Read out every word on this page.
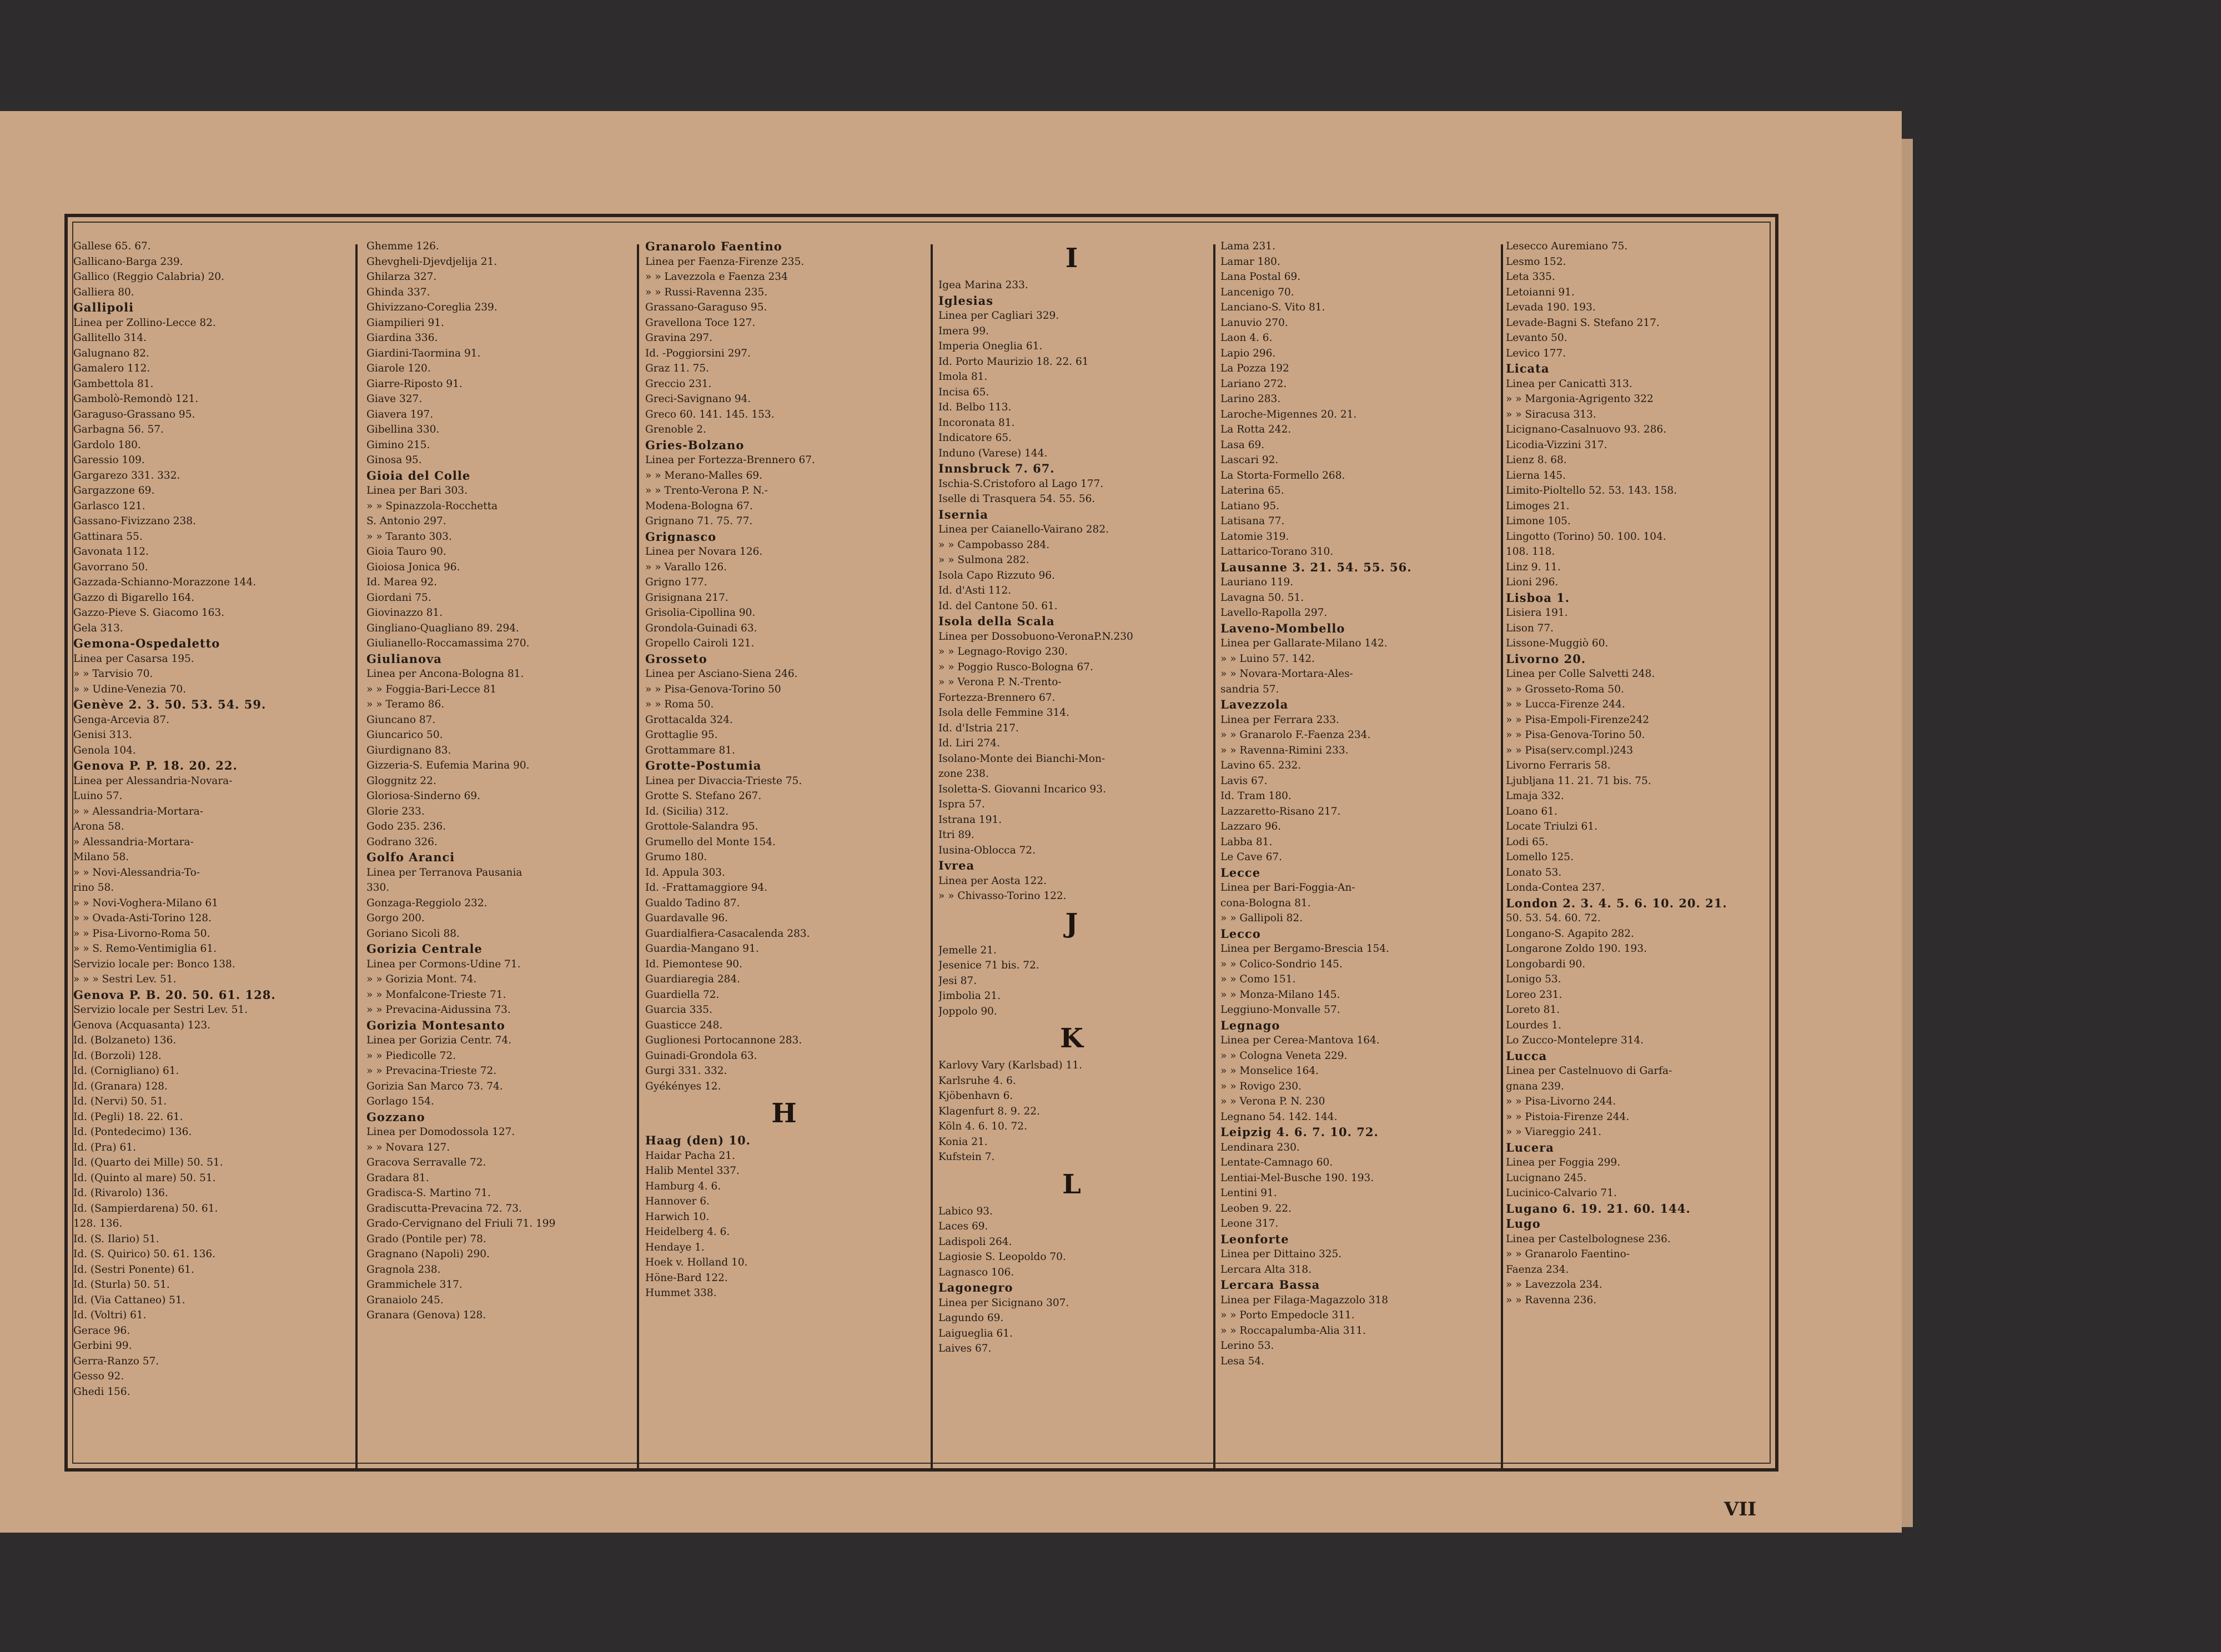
Gallese 65. 67.
Gallicano-Barga 239.
Gallico (Reggio Calabria) 20.
Galliera 80.
Gallipoli
Linea per Zollino-Lecce 82.
Gallitello 314.
Galugnano 82.
Gamalero 112.
Gambettola 81.
Gambolò-Remondò 121.
Garaguso-Grassano 95.
Garbagna 56. 57.
Gardolo 180.
Garessio 109.
Gargarezo 331. 332.
Gargazzone 69.
Garlasco 121.
Gassano-Fivizzano 238.
Gattinara 55.
Gavonata 112.
Gavorrano 50.
Gazzada-Schianno-Morazzone 144.
Gazzo di Bigarello 164.
Gazzo-Pieve S. Giacomo 163.
Gela 313.
Gemona-Ospedaletto
Linea per Casarsa 195.
» » Tarvisio 70.
» » Udine-Venezia 70.
Genève 2. 3. 50. 53. 54. 59.
Genga-Arcevia 87.
Genisi 313.
Genola 104.
Genova P. P. 18. 20. 22.
Linea per Alessandria-Novara-
Luino 57.
» » Alessandria-Mortara-
Arona 58.
» Alessandria-Mortara-
Milano 58.
» » Novi-Alessandria-To-
rino 58.
» » Novi-Voghera-Milano 61
» » Ovada-Asti-Torino 128.
» » Pisa-Livorno-Roma 50.
» » S. Remo-Ventimiglia 61.
Servizio locale per: Bonco 138.
» » » Sestri Lev. 51.
Genova P. B. 20. 50. 61. 128.
Servizio locale per Sestri Lev. 51.
Genova (Acquasanta) 123.
Id. (Bolzaneto) 136.
Id. (Borzoli) 128.
Id. (Cornigliano) 61.
Id. (Granara) 128.
Id. (Nervi) 50. 51.
Id. (Pegli) 18. 22. 61.
Id. (Pontedecimo) 136.
Id. (Pra) 61.
Id. (Quarto dei Mille) 50. 51.
Id. (Quinto al mare) 50. 51.
Id. (Rivarolo) 136.
Id. (Sampierdarena) 50. 61.
128. 136.
Id. (S. Ilario) 51.
Id. (S. Quirico) 50. 61. 136.
Id. (Sestri Ponente) 61.
Id. (Sturla) 50. 51.
Id. (Via Cattaneo) 51.
Id. (Voltri) 61.
Gerace 96.
Gerbini 99.
Gerra-Ranzo 57.
Gesso 92.
Ghedi 156.
Ghemme 126.
Ghevgheli-Djevdjelija 21.
Ghilarza 327.
Ghinda 337.
Ghivizzano-Coreglia 239.
Giampilieri 91.
Giardina 336.
Giardini-Taormina 91.
Giarole 120.
Giarre-Riposto 91.
Giave 327.
Giavera 197.
Gibellina 330.
Gimino 215.
Ginosa 95.
Gioia del Colle
Linea per Bari 303.
» » Spinazzola-Rocchetta
S. Antonio 297.
» » Taranto 303.
Gioia Tauro 90.
Gioiosa Jonica 96.
Id. Marea 92.
Giordani 75.
Giovinazzo 81.
Gingliano-Quagliano 89. 294.
Giulianello-Roccamassima 270.
Giulianova
Linea per Ancona-Bologna 81.
» » Foggia-Bari-Lecce 81
» » Teramo 86.
Giuncano 87.
Giuncarico 50.
Giurdignano 83.
Gizzeria-S. Eufemia Marina 90.
Gloggnitz 22.
Gloriosa-Sinderno 69.
Glorie 233.
Godo 235. 236.
Godrano 326.
Golfo Aranci
Linea per Terranova Pausania
330.
Gonzaga-Reggiolo 232.
Gorgo 200.
Goriano Sicoli 88.
Gorizia Centrale
Linea per Cormons-Udine 71.
» » Gorizia Mont. 74.
» » Monfalcone-Trieste 71.
» » Prevacina-Aidussina 73.
Gorizia Montesanto
Linea per Gorizia Centr. 74.
» » Piedicolle 72.
» » Prevacina-Trieste 72.
Gorizia San Marco 73. 74.
Gorlago 154.
Gozzano
Linea per Domodossola 127.
» » Novara 127.
Gracova Serravalle 72.
Gradara 81.
Gradisca-S. Martino 71.
Gradiscutta-Prevacina 72. 73.
Grado-Cervignano del Friuli 71. 199
Grado (Pontile per) 78.
Gragnano (Napoli) 290.
Gragnola 238.
Grammichele 317.
Granaiolo 245.
Granara (Genova) 128.
Granarolo Faentino
Linea per Faenza-Firenze 235.
» » Lavezzola e Faenza 234
» » Russi-Ravenna 235.
Grassano-Garaguso 95.
Gravellona Toce 127.
Gravina 297.
Id. -Poggiorsini 297.
Graz 11. 75.
Greccio 231.
Greci-Savignano 94.
Greco 60. 141. 145. 153.
Grenoble 2.
Gries-Bolzano
Linea per Fortezza-Brennero 67.
» » Merano-Malles 69.
» » Trento-Verona P. N.-
Modena-Bologna 67.
Grignano 71. 75. 77.
Grignasco
Linea per Novara 126.
» » Varallo 126.
Grigno 177.
Grisignana 217.
Grisolia-Cipollina 90.
Grondola-Guinadi 63.
Gropello Cairoli 121.
Grosseto
Linea per Asciano-Siena 246.
» » Pisa-Genova-Torino 50
» » Roma 50.
Grottacalda 324.
Grottaglie 95.
Grottammare 81.
Grotte-Postumia
Linea per Divaccia-Trieste 75.
Grotte S. Stefano 267.
Id. (Sicilia) 312.
Grottole-Salandra 95.
Grumello del Monte 154.
Grumo 180.
Id. Appula 303.
Id. -Frattamaggiore 94.
Gualdo Tadino 87.
Guardavalle 96.
Guardialfiera-Casacalenda 283.
Guardia-Mangano 91.
Id. Piemontese 90.
Guardiaregia 284.
Guardiella 72.
Guarcia 335.
Guasticce 248.
Guglionesi Portocannone 283.
Guinadi-Grondola 63.
Gurgi 331. 332.
Gyékényes 12.
H
Haag (den) 10.
Haidar Pacha 21.
Halib Mentel 337.
Hamburg 4. 6.
Hannover 6.
Harwich 10.
Heidelberg 4. 6.
Hendaye 1.
Hoek v. Holland 10.
Höne-Bard 122.
Hummet 338.
I
Igea Marina 233.
Iglesias
Linea per Cagliari 329.
Imera 99.
Imperia Oneglia 61.
Id. Porto Maurizio 18. 22. 61
Imola 81.
Incisa 65.
Id. Belbo 113.
Incoronata 81.
Indicatore 65.
Induno (Varese) 144.
Innsbruck 7. 67.
Ischia-S.Cristoforo al Lago 177.
Iselle di Trasquera 54. 55. 56.
Isernia
Linea per Caianello-Vairano 282.
» » Campobasso 284.
» » Sulmona 282.
Isola Capo Rizzuto 96.
Id. d'Asti 112.
Id. del Cantone 50. 61.
Isola della Scala
Linea per Dossobuono-VeronaP.N.230
» » Legnago-Rovigo 230.
» » Poggio Rusco-Bologna 67.
» » Verona P. N.-Trento-
Fortezza-Brennero 67.
Isola delle Femmine 314.
Id. d'Istria 217.
Id. Liri 274.
Isolano-Monte dei Bianchi-Mon-
zone 238.
Isoletta-S. Giovanni Incarico 93.
Ispra 57.
Istrana 191.
Itri 89.
Iusina-Oblocca 72.
Ivrea
Linea per Aosta 122.
» » Chivasso-Torino 122.
J
Jemelle 21.
Jesenice 71 bis. 72.
Jesi 87.
Jimbolia 21.
Joppolo 90.
K
Karlovy Vary (Karlsbad) 11.
Karlsruhe 4. 6.
Kjöbenhavn 6.
Klagenfurt 8. 9. 22.
Köln 4. 6. 10. 72.
Konia 21.
Kufstein 7.
L
Labico 93.
Laces 69.
Ladispoli 264.
Lagiosie S. Leopoldo 70.
Lagnasco 106.
Lagonegro
Linea per Sicignano 307.
Lagundo 69.
Laigueglia 61.
Laives 67.
Lama 231.
Lamar 180.
Lana Postal 69.
Lancenigo 70.
Lanciano-S. Vito 81.
Lanuvio 270.
Laon 4. 6.
Lapio 296.
La Pozza 192
Lariano 272.
Larino 283.
Laroche-Migennes 20. 21.
La Rotta 242.
Lasa 69.
Lascari 92.
La Storta-Formello 268.
Laterina 65.
Latiano 95.
Latisana 77.
Latomie 319.
Lattarico-Torano 310.
Lausanne 3. 21. 54. 55. 56.
Lauriano 119.
Lavagna 50. 51.
Lavello-Rapolla 297.
Laveno-Mombello
Linea per Gallarate-Milano 142.
» » Luino 57. 142.
» » Novara-Mortara-Ales-
sandria 57.
Lavezzola
Linea per Ferrara 233.
» » Granarolo F.-Faenza 234.
» » Ravenna-Rimini 233.
Lavino 65. 232.
Lavis 67.
Id. Tram 180.
Lazzaretto-Risano 217.
Lazzaro 96.
Labba 81.
Le Cave 67.
Lecce
Linea per Bari-Foggia-An-
cona-Bologna 81.
» » Gallipoli 82.
Lecco
Linea per Bergamo-Brescia 154.
» » Colico-Sondrio 145.
» » Como 151.
» » Monza-Milano 145.
Leggiuno-Monvalle 57.
Legnago
Linea per Cerea-Mantova 164.
» » Cologna Veneta 229.
» » Monselice 164.
» » Rovigo 230.
» » Verona P. N. 230
Legnano 54. 142. 144.
Leipzig 4. 6. 7. 10. 72.
Lendinara 230.
Lentate-Camnago 60.
Lentiai-Mel-Busche 190. 193.
Lentini 91.
Leoben 9. 22.
Leone 317.
Leonforte
Linea per Dittaino 325.
Lercara Alta 318.
Lercara Bassa
Linea per Filaga-Magazzolo 318
» » Porto Empedocle 311.
» » Roccapalumba-Alia 311.
Lerino 53.
Lesa 54.
Lesecco Auremiano 75.
Lesmo 152.
Leta 335.
Letoianni 91.
Levada 190. 193.
Levade-Bagni S. Stefano 217.
Levanto 50.
Levico 177.
Licata
Linea per Canicattì 313.
» » Margonia-Agrigento 322
» » Siracusa 313.
Licignano-Casalnuovo 93. 286.
Licodia-Vizzini 317.
Lienz 8. 68.
Lierna 145.
Limito-Pioltello 52. 53. 143. 158.
Limoges 21.
Limone 105.
Lingotto (Torino) 50. 100. 104.
108. 118.
Linz 9. 11.
Lioni 296.
Lisboa 1.
Lisiera 191.
Lison 77.
Lissone-Muggiò 60.
Livorno 20.
Linea per Colle Salvetti 248.
» » Grosseto-Roma 50.
» » Lucca-Firenze 244.
» » Pisa-Empoli-Firenze242
» » Pisa-Genova-Torino 50.
» » Pisa(serv.compl.)243
Livorno Ferraris 58.
Ljubljana 11. 21. 71 bis. 75.
Lmaja 332.
Loano 61.
Locate Triulzi 61.
Lodi 65.
Lomello 125.
Lonato 53.
Londa-Contea 237.
London 2. 3. 4. 5. 6. 10. 20. 21.
50. 53. 54. 60. 72.
Longano-S. Agapito 282.
Longarone Zoldo 190. 193.
Longobardi 90.
Lonigo 53.
Loreo 231.
Loreto 81.
Lourdes 1.
Lo Zucco-Montelepre 314.
Lucca
Linea per Castelnuovo di Garfa-
gnana 239.
» » Pisa-Livorno 244.
» » Pistoia-Firenze 244.
» » Viareggio 241.
Lucera
Linea per Foggia 299.
Lucignano 245.
Lucinico-Calvario 71.
Lugano 6. 19. 21. 60. 144.
Lugo
Linea per Castelbolognese 236.
» » Granarolo Faentino-
Faenza 234.
» » Lavezzola 234.
» » Ravenna 236.
VII
